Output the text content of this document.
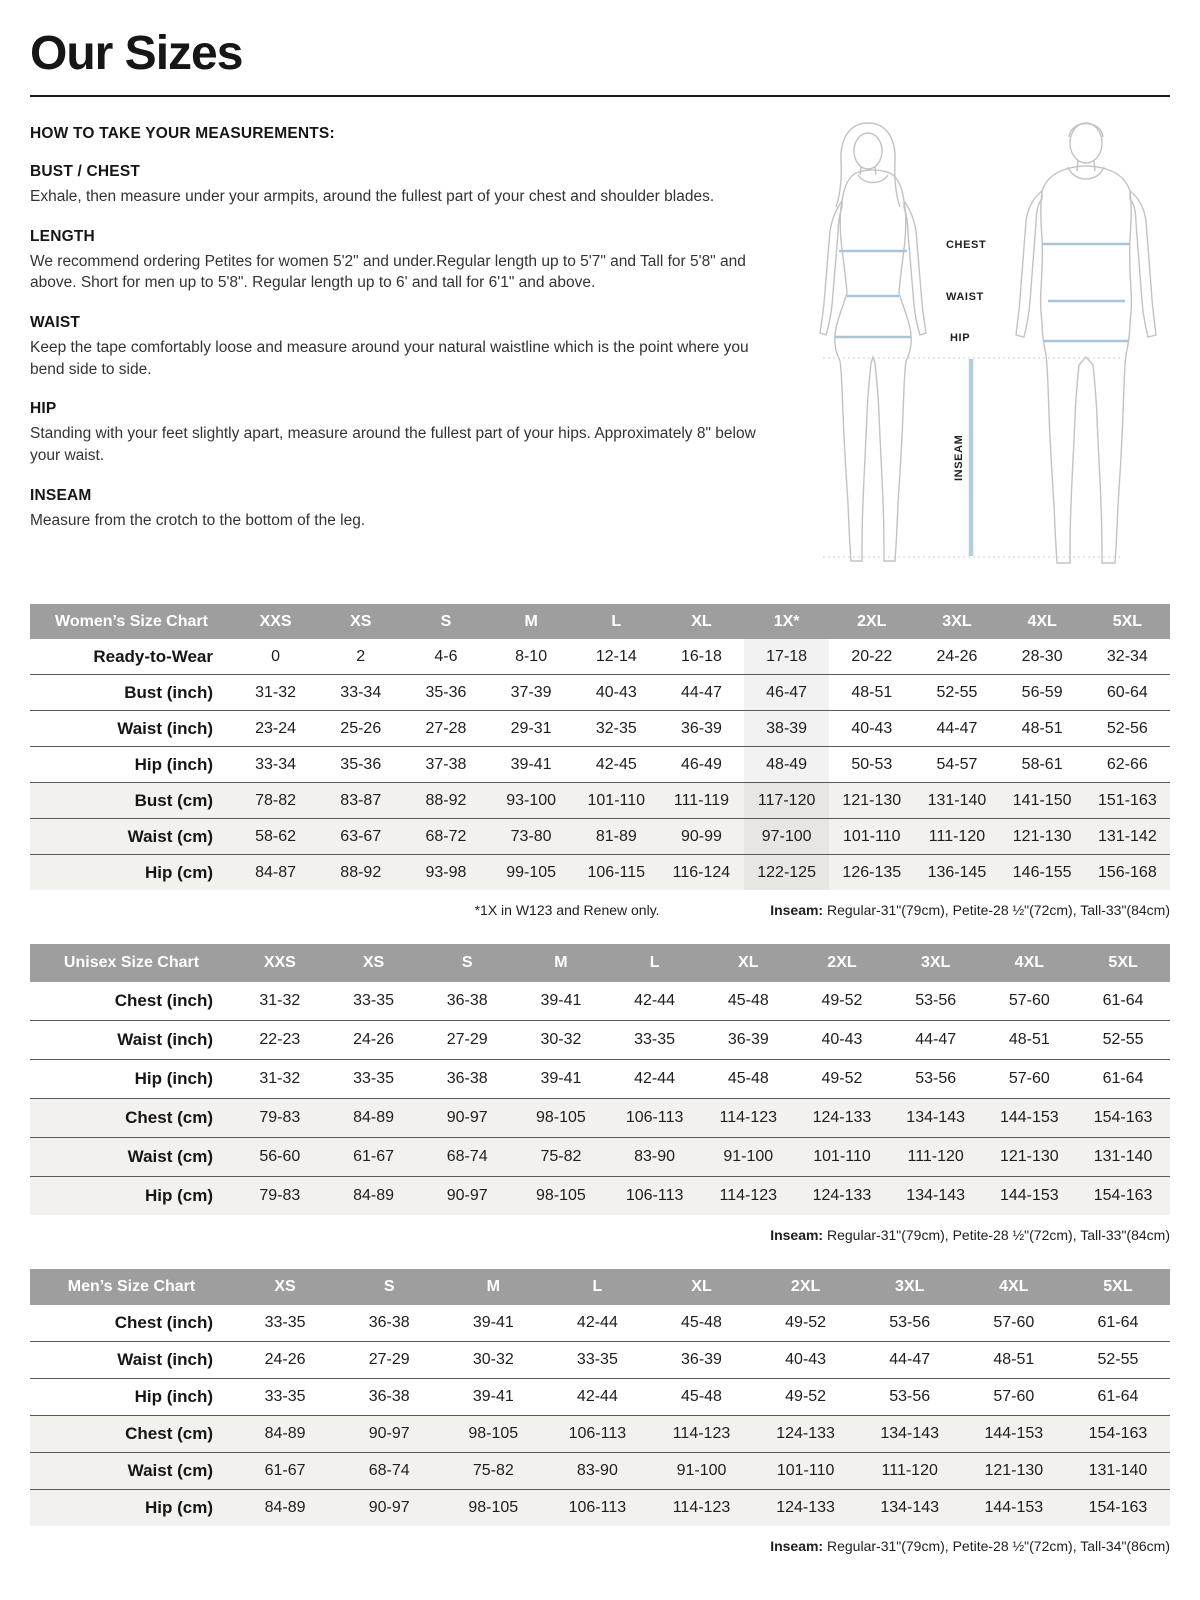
Our Sizes
HOW TO TAKE YOUR MEASUREMENTS:
BUST / CHEST

Exhale, then measure under your armpits, around the fullest part of your chest and shoulder blades.

LENGTH

We recommend ordering Petites for women 5'2" and under.Regular length up to 5'7" and Tall for 5'8" and above. Short for men up to 5'8". Regular length up to 6' and tall for 6'1" and above.

WAIST

Keep the tape comfortably loose and measure around your natural waistline which is the point where you bend side to side.

HIP

Standing with your feet slightly apart, measure around the fullest part of your hips. Approximately 8" below your waist.

INSEAM

Measure from the crotch to the bottom of the leg.

CHEST
WAIST
HIP
INSEAM
Women’s Size Chart	XXS	XS	S	M	L	XL	1X*	2XL	3XL	4XL	5XL
Ready-to-Wear	0	2	4-6	8-10	12-14	16-18	17-18	20-22	24-26	28-30	32-34
Bust (inch)	31-32	33-34	35-36	37-39	40-43	44-47	46-47	48-51	52-55	56-59	60-64
Waist (inch)	23-24	25-26	27-28	29-31	32-35	36-39	38-39	40-43	44-47	48-51	52-56
Hip (inch)	33-34	35-36	37-38	39-41	42-45	46-49	48-49	50-53	54-57	58-61	62-66
Bust (cm)	78-82	83-87	88-92	93-100	101-110	111-119	117-120	121-130	131-140	141-150	151-163
Waist (cm)	58-62	63-67	68-72	73-80	81-89	90-99	97-100	101-110	111-120	121-130	131-142
Hip (cm)	84-87	88-92	93-98	99-105	106-115	116-124	122-125	126-135	136-145	146-155	156-168
*1X in W123 and Renew only.	Inseam: Regular-31"(79cm), Petite-28 ½"(72cm), Tall-33"(84cm)
Unisex Size Chart	XXS	XS	S	M	L	XL	2XL	3XL	4XL	5XL
Chest (inch)	31-32	33-35	36-38	39-41	42-44	45-48	49-52	53-56	57-60	61-64
Waist (inch)	22-23	24-26	27-29	30-32	33-35	36-39	40-43	44-47	48-51	52-55
Hip (inch)	31-32	33-35	36-38	39-41	42-44	45-48	49-52	53-56	57-60	61-64
Chest (cm)	79-83	84-89	90-97	98-105	106-113	114-123	124-133	134-143	144-153	154-163
Waist (cm)	56-60	61-67	68-74	75-82	83-90	91-100	101-110	111-120	121-130	131-140
Hip (cm)	79-83	84-89	90-97	98-105	106-113	114-123	124-133	134-143	144-153	154-163
Inseam: Regular-31"(79cm), Petite-28 ½"(72cm), Tall-33"(84cm)
Men’s Size Chart	XS	S	M	L	XL	2XL	3XL	4XL	5XL
Chest (inch)	33-35	36-38	39-41	42-44	45-48	49-52	53-56	57-60	61-64
Waist (inch)	24-26	27-29	30-32	33-35	36-39	40-43	44-47	48-51	52-55
Hip (inch)	33-35	36-38	39-41	42-44	45-48	49-52	53-56	57-60	61-64
Chest (cm)	84-89	90-97	98-105	106-113	114-123	124-133	134-143	144-153	154-163
Waist (cm)	61-67	68-74	75-82	83-90	91-100	101-110	111-120	121-130	131-140
Hip (cm)	84-89	90-97	98-105	106-113	114-123	124-133	134-143	144-153	154-163
Inseam: Regular-31"(79cm), Petite-28 ½"(72cm), Tall-34"(86cm)
